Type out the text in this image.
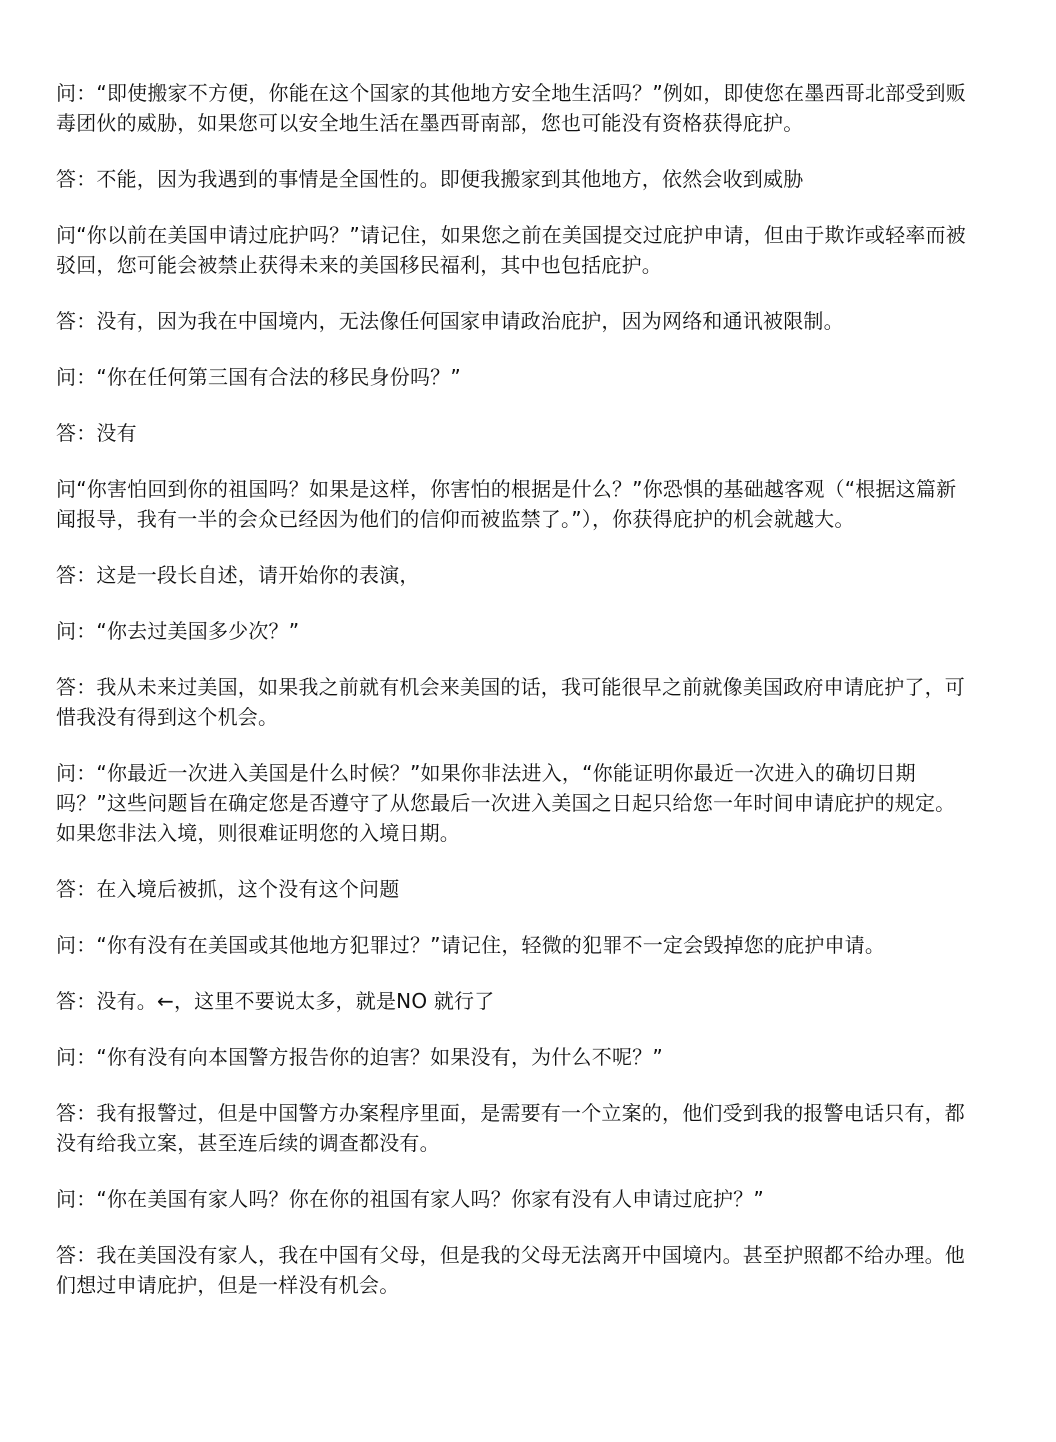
问：“即使搬家不方便，你能在这个国家的其他地方安全地生活吗？”例如，即使您在墨西哥北部受到贩毒团伙的威胁，如果您可以安全地生活在墨西哥南部，您也可能没有资格获得庇护。

答：不能，因为我遇到的事情是全国性的。即便我搬家到其他地方，依然会收到威胁

问“你以前在美国申请过庇护吗？”请记住，如果您之前在美国提交过庇护申请，但由于欺诈或轻率而被驳回，您可能会被禁止获得未来的美国移民福利，其中也包括庇护。

答：没有，因为我在中国境内，无法像任何国家申请政治庇护，因为网络和通讯被限制。

问：“你在任何第三国有合法的移民身份吗？”

答：没有

问“你害怕回到你的祖国吗？如果是这样，你害怕的根据是什么？”你恐惧的基础越客观（“根据这篇新闻报导，我有一半的会众已经因为他们的信仰而被监禁了。”），你获得庇护的机会就越大。

答：这是一段长自述，请开始你的表演，

问：“你去过美国多少次？”

答：我从未来过美国，如果我之前就有机会来美国的话，我可能很早之前就像美国政府申请庇护了，可惜我没有得到这个机会。

问：“你最近一次进入美国是什么时候？”如果你非法进入，“你能证明你最近一次进入的确切日期吗？”这些问题旨在确定您是否遵守了从您最后一次进入美国之日起只给您一年时间申请庇护的规定。如果您非法入境，则很难证明您的入境日期。

答：在入境后被抓，这个没有这个问题

问：“你有没有在美国或其他地方犯罪过？”请记住，轻微的犯罪不一定会毁掉您的庇护申请。

答：没有。←，这里不要说太多，就是NO 就行了

问：“你有没有向本国警方报告你的迫害？如果没有，为什么不呢？”

答：我有报警过，但是中国警方办案程序里面，是需要有一个立案的，他们受到我的报警电话只有，都没有给我立案，甚至连后续的调查都没有。

问：“你在美国有家人吗？你在你的祖国有家人吗？你家有没有人申请过庇护？”

答：我在美国没有家人，我在中国有父母，但是我的父母无法离开中国境内。甚至护照都不给办理。他们想过申请庇护，但是一样没有机会。
